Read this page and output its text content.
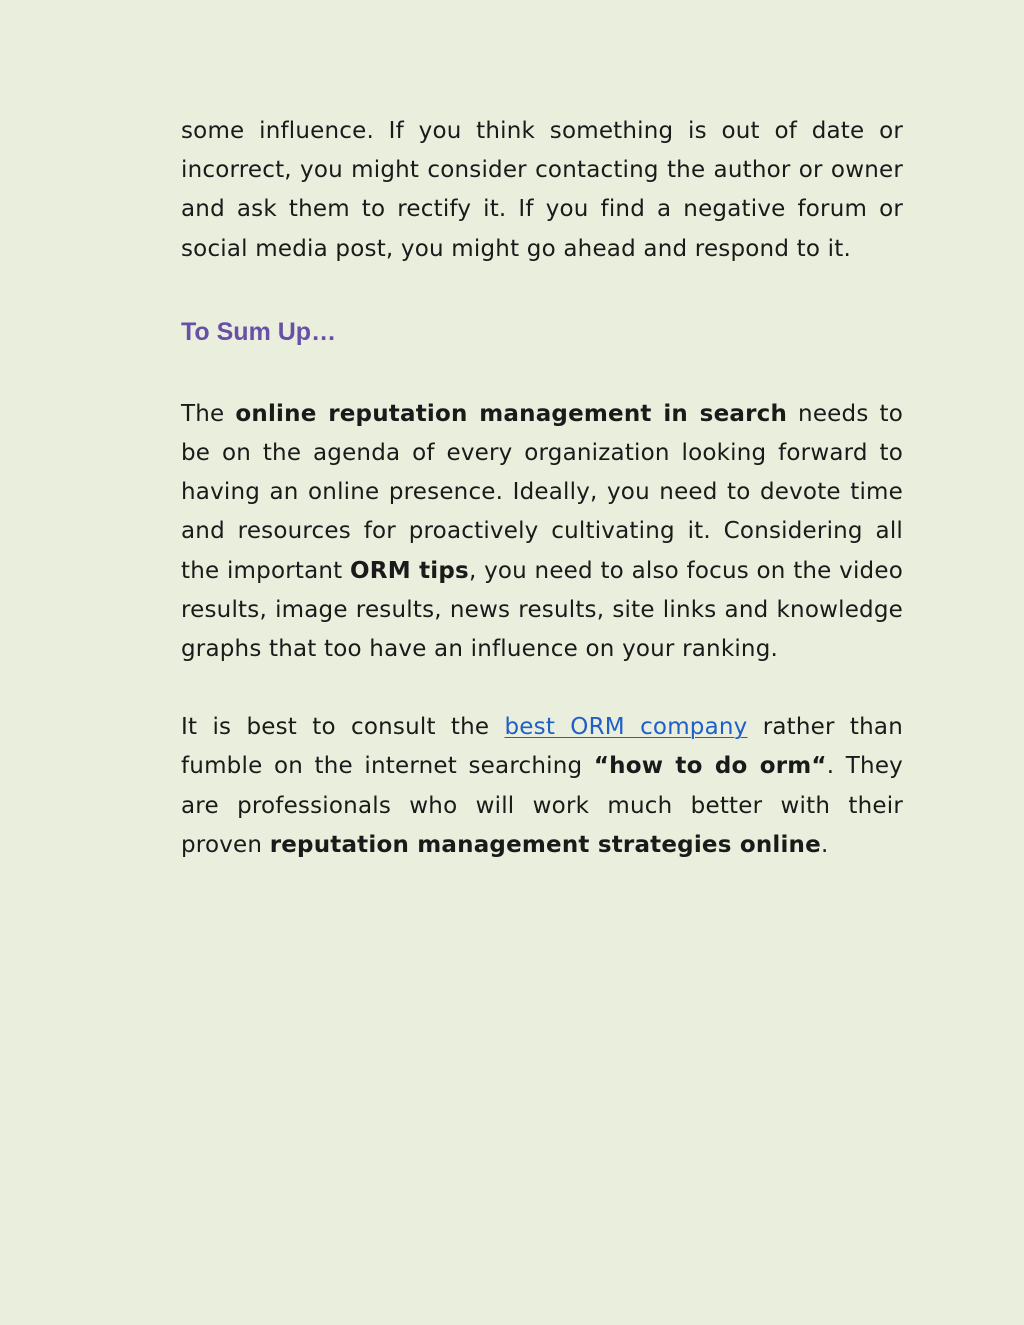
some influence. If you think something is out of date or incorrect, you might consider contacting the author or owner and ask them to rectify it. If you find a negative forum or social media post, you might go ahead and respond to it.

To Sum Up…

The online reputation management in search needs to be on the agenda of every organization looking forward to having an online presence. Ideally, you need to devote time and resources for proactively cultivating it. Considering all the important ORM tips, you need to also focus on the video results, image results, news results, site links and knowledge graphs that too have an influence on your ranking.

It is best to consult the best ORM company rather than fumble on the internet searching “how to do orm“. They are professionals who will work much better with their proven reputation management strategies online.
